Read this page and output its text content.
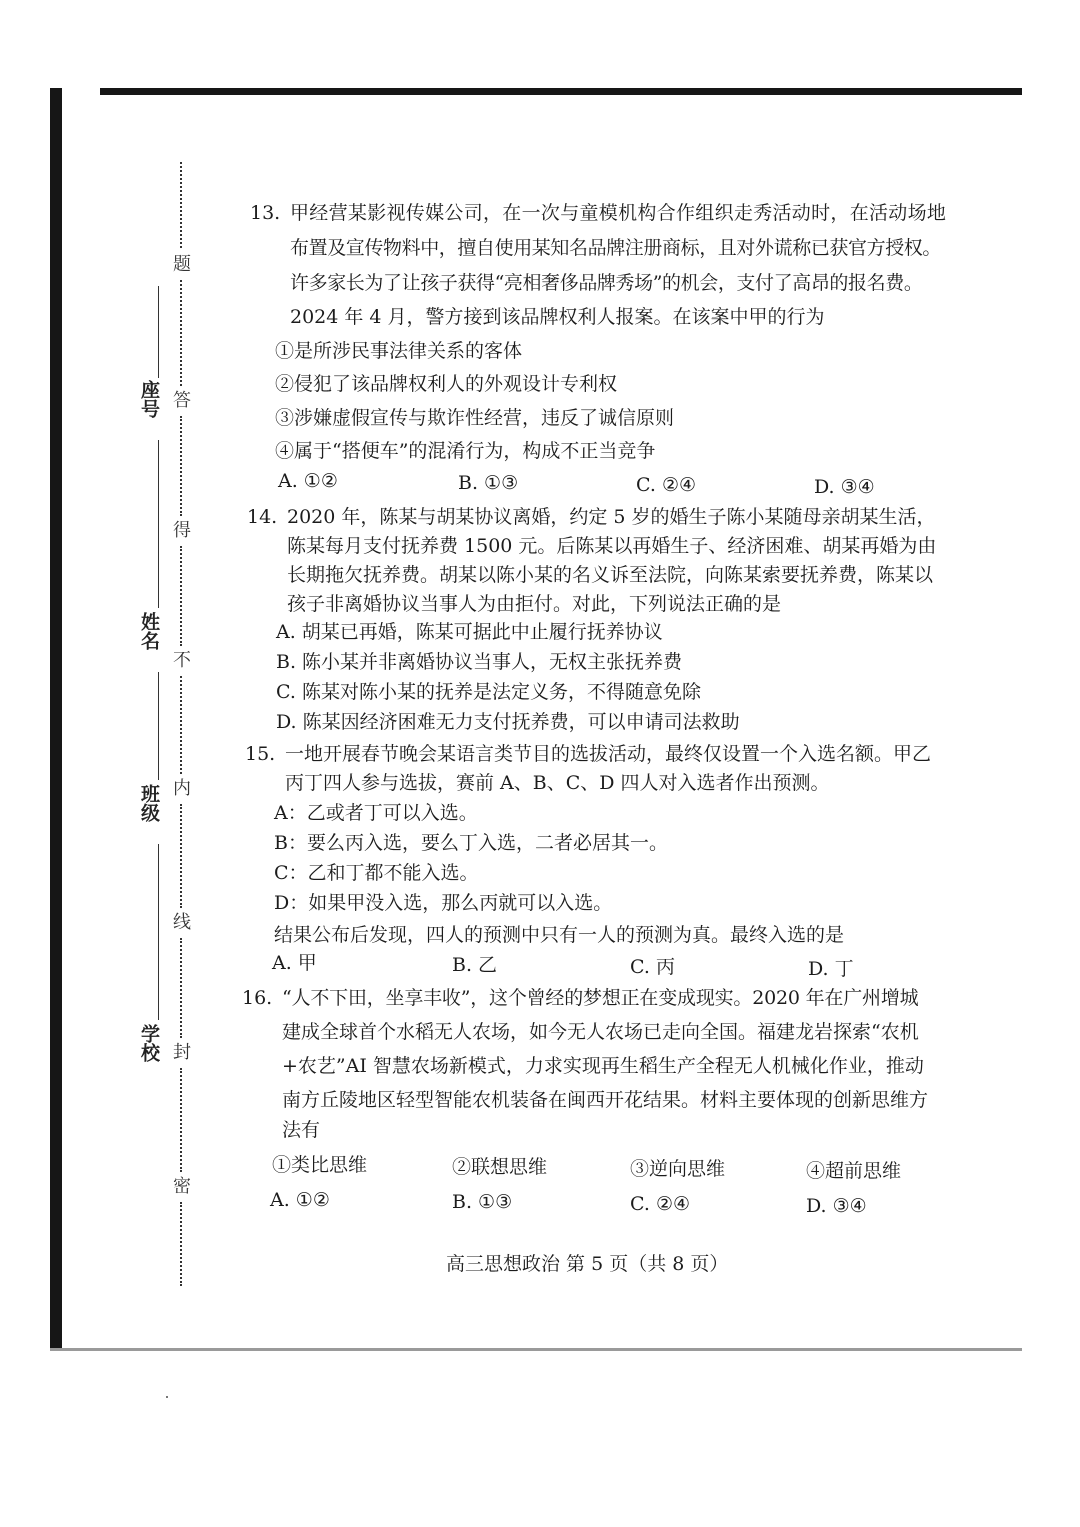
题
答
得
不
内
线
封
密
座号
姓名
班级
学校
13. 甲经营某影视传媒公司，在一次与童模机构合作组织走秀活动时，在活动场地
布置及宣传物料中，擅自使用某知名品牌注册商标，且对外谎称已获官方授权。
许多家长为了让孩子获得“亮相奢侈品牌秀场”的机会，支付了高昂的报名费。
2024 年 4 月，警方接到该品牌权利人报案。在该案中甲的行为
①是所涉民事法律关系的客体
②侵犯了该品牌权利人的外观设计专利权
③涉嫌虚假宣传与欺诈性经营，违反了诚信原则
④属于“搭便车”的混淆行为，构成不正当竞争
A. ①②	B. ①③	C. ②④	D. ③④
14. 2020 年，陈某与胡某协议离婚，约定 5 岁的婚生子陈小某随母亲胡某生活，
陈某每月支付抚养费 1500 元。后陈某以再婚生子、经济困难、胡某再婚为由
长期拖欠抚养费。胡某以陈小某的名义诉至法院，向陈某索要抚养费，陈某以
孩子非离婚协议当事人为由拒付。对此，下列说法正确的是
A. 胡某已再婚，陈某可据此中止履行抚养协议
B. 陈小某并非离婚协议当事人，无权主张抚养费
C. 陈某对陈小某的抚养是法定义务，不得随意免除
D. 陈某因经济困难无力支付抚养费，可以申请司法救助
15. 一地开展春节晚会某语言类节目的选拔活动，最终仅设置一个入选名额。甲乙
丙丁四人参与选拔，赛前 A、B、C、D 四人对入选者作出预测。
A：乙或者丁可以入选。
B：要么丙入选，要么丁入选，二者必居其一。
C：乙和丁都不能入选。
D：如果甲没入选，那么丙就可以入选。
结果公布后发现，四人的预测中只有一人的预测为真。最终入选的是
A. 甲	B. 乙	C. 丙	D. 丁
16. “人不下田，坐享丰收”，这个曾经的梦想正在变成现实。2020 年在广州增城
建成全球首个水稻无人农场，如今无人农场已走向全国。福建龙岩探索“农机
+农艺”AI 智慧农场新模式，力求实现再生稻生产全程无人机械化作业，推动
南方丘陵地区轻型智能农机装备在闽西开花结果。材料主要体现的创新思维方
法有
①类比思维	②联想思维	③逆向思维	④超前思维
A. ①②	B. ①③	C. ②④	D. ③④
高三思想政治 第 5 页（共 8 页）
